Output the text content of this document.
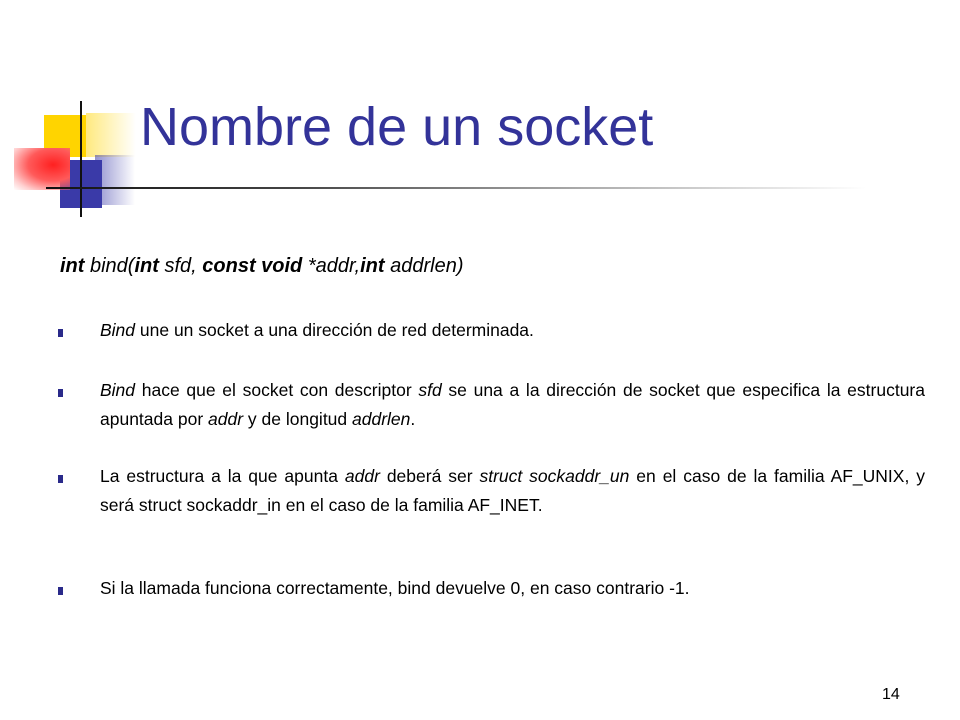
Nombre de un socket

int bind(int sfd, const void *addr,int addrlen)

Bind une un socket a una dirección de red determinada.

Bind hace que el socket con descriptor sfd se una a la dirección de socket que especifica la estructura apuntada por addr y de longitud addrlen.

La estructura a la que apunta addr deberá ser struct sockaddr_un en el caso de la familia AF_UNIX, y será struct sockaddr_in en el caso de la familia AF_INET.

Si la llamada funciona correctamente, bind devuelve 0, en caso contrario -1.

14
